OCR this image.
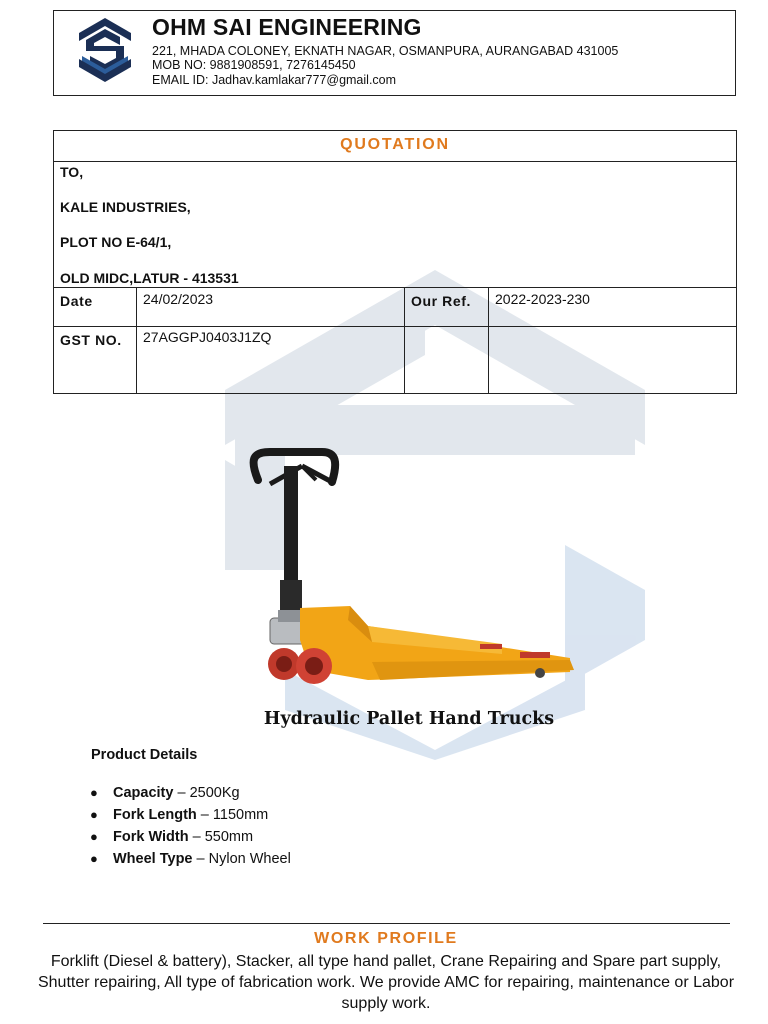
OHM SAI ENGINEERING
221, MHADA COLONEY, EKNATH NAGAR, OSMANPURA, AURANGABAD 431005
MOB NO: 9881908591, 7276145450
EMAIL ID: Jadhav.kamlakar777@gmail.com
QUOTATION
TO,
KALE INDUSTRIES,
PLOT NO E-64/1,
OLD MIDC,LATUR - 413531
Date	24/02/2023	Our Ref. 2022-2023-230
GST NO. 27AGGPJ0403J1ZQ
Hydraulic Pallet Hand Trucks
Product Details
● Capacity – 2500Kg
● Fork Length – 1150mm
● Fork Width – 550mm
● Wheel Type – Nylon Wheel
WORK PROFILE
Forklift (Diesel & battery), Stacker, all type hand pallet, Crane Repairing and Spare part supply, Shutter repairing, All type of fabrication work. We provide AMC for repairing, maintenance or Labor supply work.
